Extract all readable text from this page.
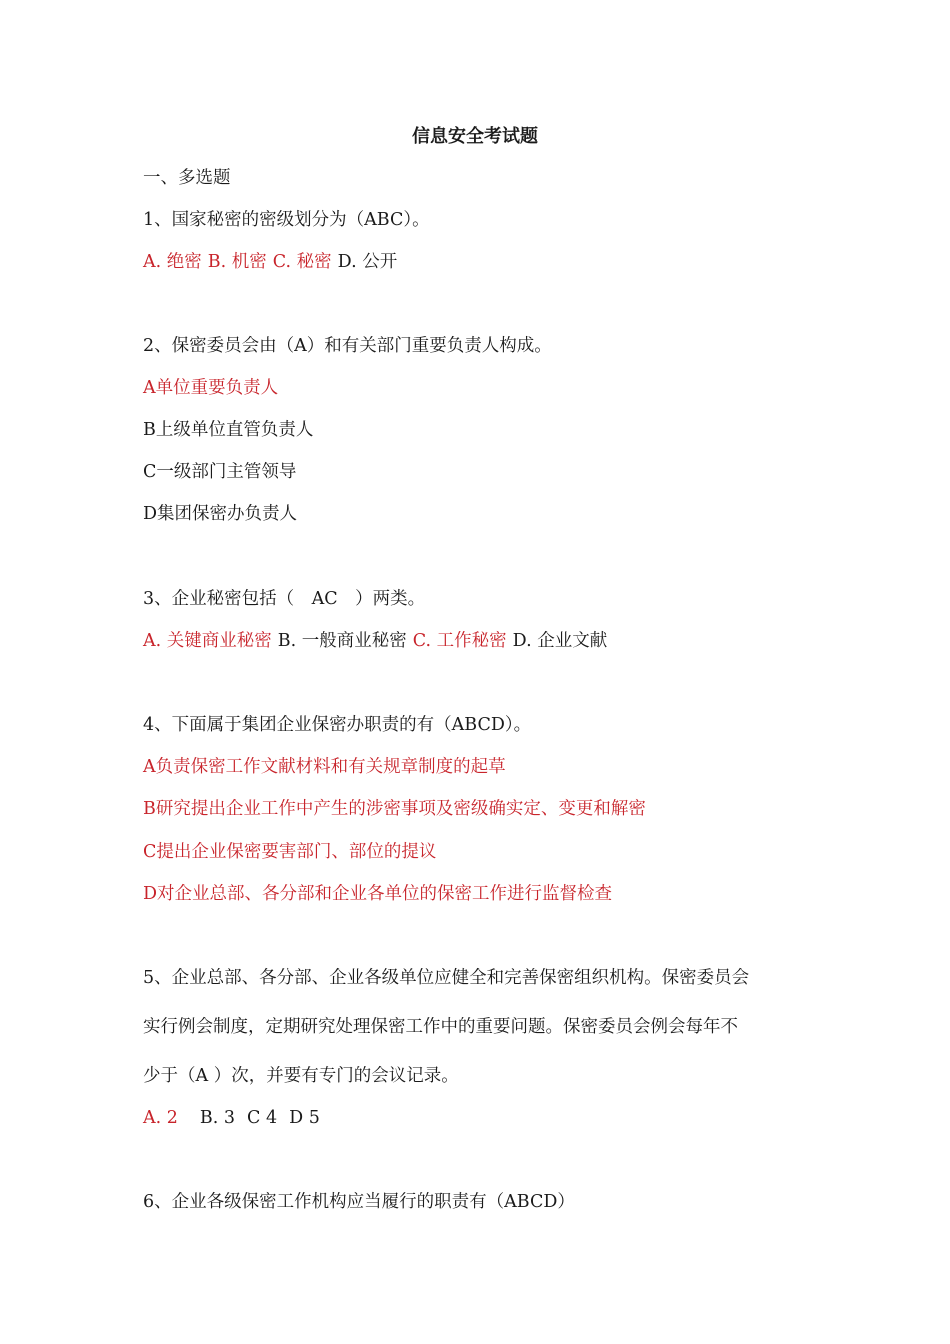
信息安全考试题
一、多选题
1、国家秘密的密级划分为（ABC）。
A. 绝密 B. 机密 C. 秘密 D. 公开
2、保密委员会由（A）和有关部门重要负责人构成。
A单位重要负责人
B上级单位直管负责人
C一级部门主管领导
D集团保密办负责人
3、企业秘密包括（　AC　）两类。
A. 关键商业秘密 B. 一般商业秘密 C. 工作秘密 D. 企业文献
4、下面属于集团企业保密办职责的有（ABCD）。
A负责保密工作文献材料和有关规章制度的起草
B研究提出企业工作中产生的涉密事项及密级确实定、变更和解密
C提出企业保密要害部门、部位的提议
D对企业总部、各分部和企业各单位的保密工作进行监督检查
5、企业总部、各分部、企业各级单位应健全和完善保密组织机构。保密委员会
实行例会制度，定期研究处理保密工作中的重要问题。保密委员会例会每年不
少于（A ）次，并要有专门的会议记录。
A. 2 B. 3 C 4 D 5
6、企业各级保密工作机构应当履行的职责有（ABCD）
